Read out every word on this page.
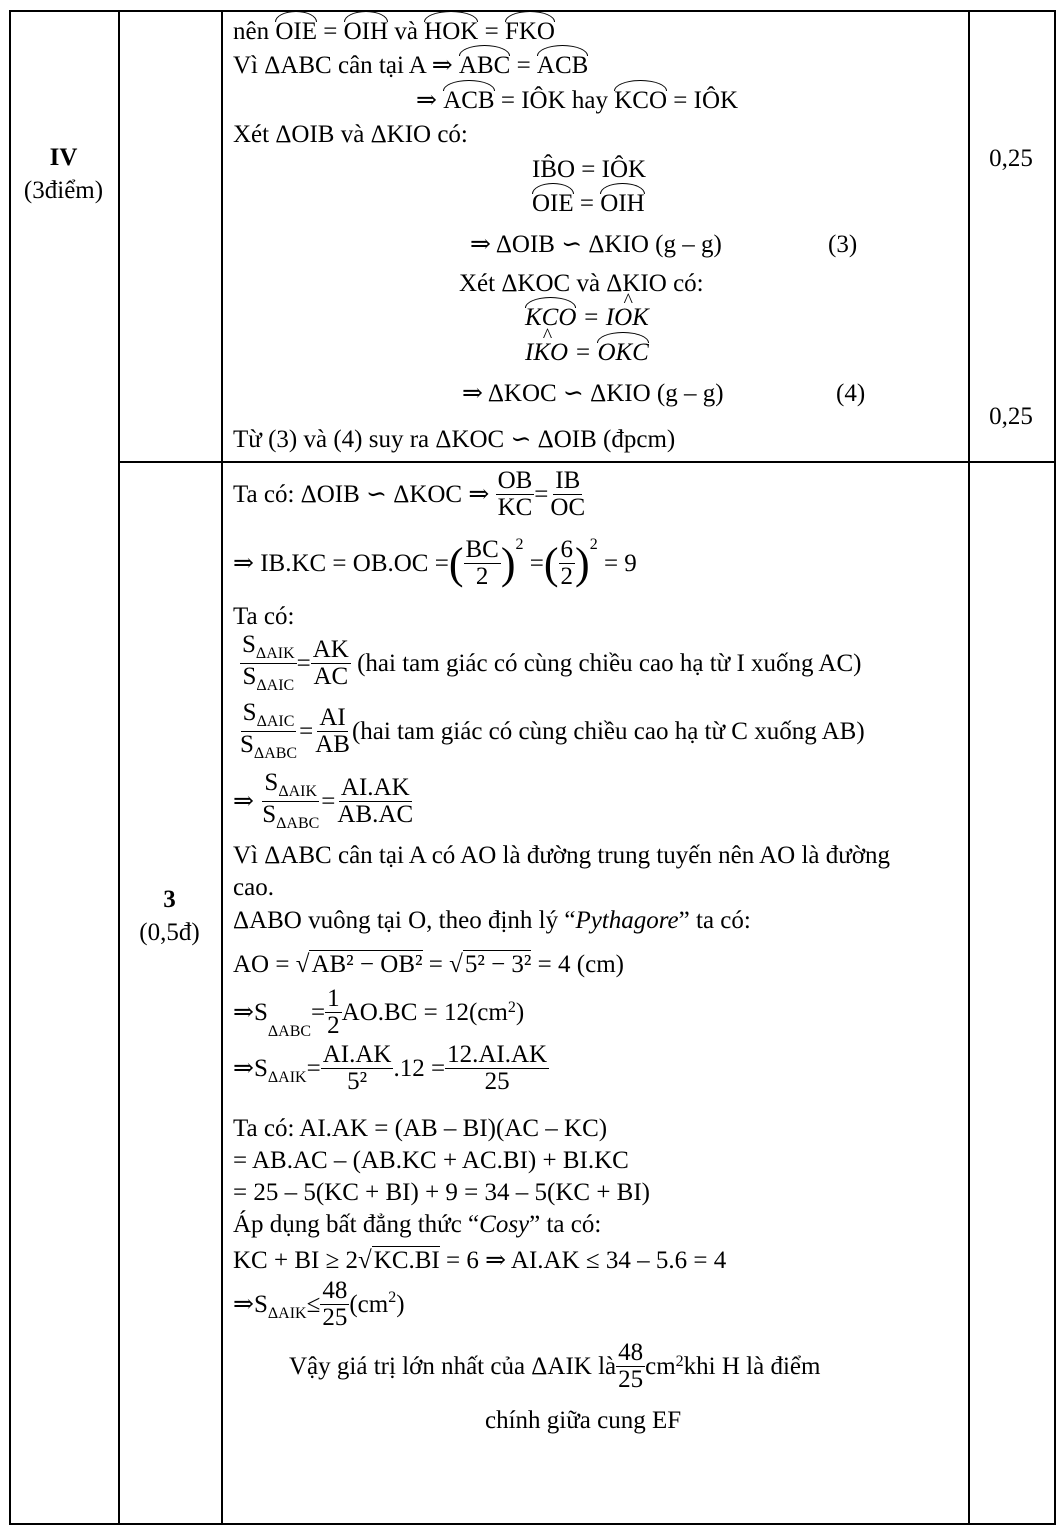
IV
(3điểm)
3
(0,5đ)
0,25
0,25
nên OIE = OIH và HOK = FKO
Vì ΔABC cân tại A ⇒ ABC = ACB
⇒ ACB = IÔK hay KCO = IÔK
Xét ΔOIB và ΔKIO có:
IB̂O = IÔK
OIE = OIH
⇒ ΔOIB ∽ ΔKIO (g – g)	(3)
Xét ΔKOC và ΔKIO có:
KCO = ^ IOK
^ IKO = OKC
⇒ ΔKOC ∽ ΔKIO (g – g)	(4)
Từ (3) và (4) suy ra ΔKOC ∽ ΔOIB (đpcm)
Ta có: ΔOIB ∽ ΔKOC ⇒
$\frac{OB}{KC} = \frac{IB}{OC}$
⇒ IB.KC = OB.OC = ( $\frac{BC}{2} )^2$

= ( $\frac{6}{2} )^2$

= 9
Ta có:
$\frac{S_{\Delta AIK}}{S_{\Delta AIC}} = \frac{AK}{AC}$
(hai tam giác có cùng chiều cao hạ từ I xuống AC)
$\frac{S_{\Delta AIC}}{S_{\Delta ABC}} = \frac{AI}{AB} (hai$ tam giác có cùng chiều cao hạ từ C xuống AB)
⇒
$\frac{S_{\Delta AIK}}{S_{\Delta ABC}} = \frac{AI.AK}{AB.AC}$
Vì ΔABC cân tại A có AO là đường trung tuyến nên AO là đường
cao.
ΔABO vuông tại O, theo định lý “Pythagore” ta có:
AO = √AB² − OB² = √5² − 3² = 4 (cm)
⇒S
$_{\Delta ABC}$
= $\frac{1}{2} AO.BC = 12(cm$ 2 )
$\Rightarrow S_{\Delta AIK} = \frac{AI.AK}{\text{5²}} .12 = \frac{12.AI.AK}{25}$
Ta có: AI.AK = (AB – BI)(AC – KC)
= AB.AC – (AB.KC + AC.BI) + BI.KC
= 25 – 5(KC + BI) + 9 = 34 – 5(KC + BI)
Áp dụng bất đẳng thức “Cosy” ta có:
KC + BI ≥ 2√KC.BI = 6 ⇒ AI.AK ≤ 34 – 5.6 = 4
$\Rightarrow S_{\Delta AIK} \le \frac{48}{25} (cm^2$ )
Vậy giá trị lớn nhất của ΔAIK là $\frac{48}{25}$ cm 2 khi H là điểm
chính giữa cung EF
